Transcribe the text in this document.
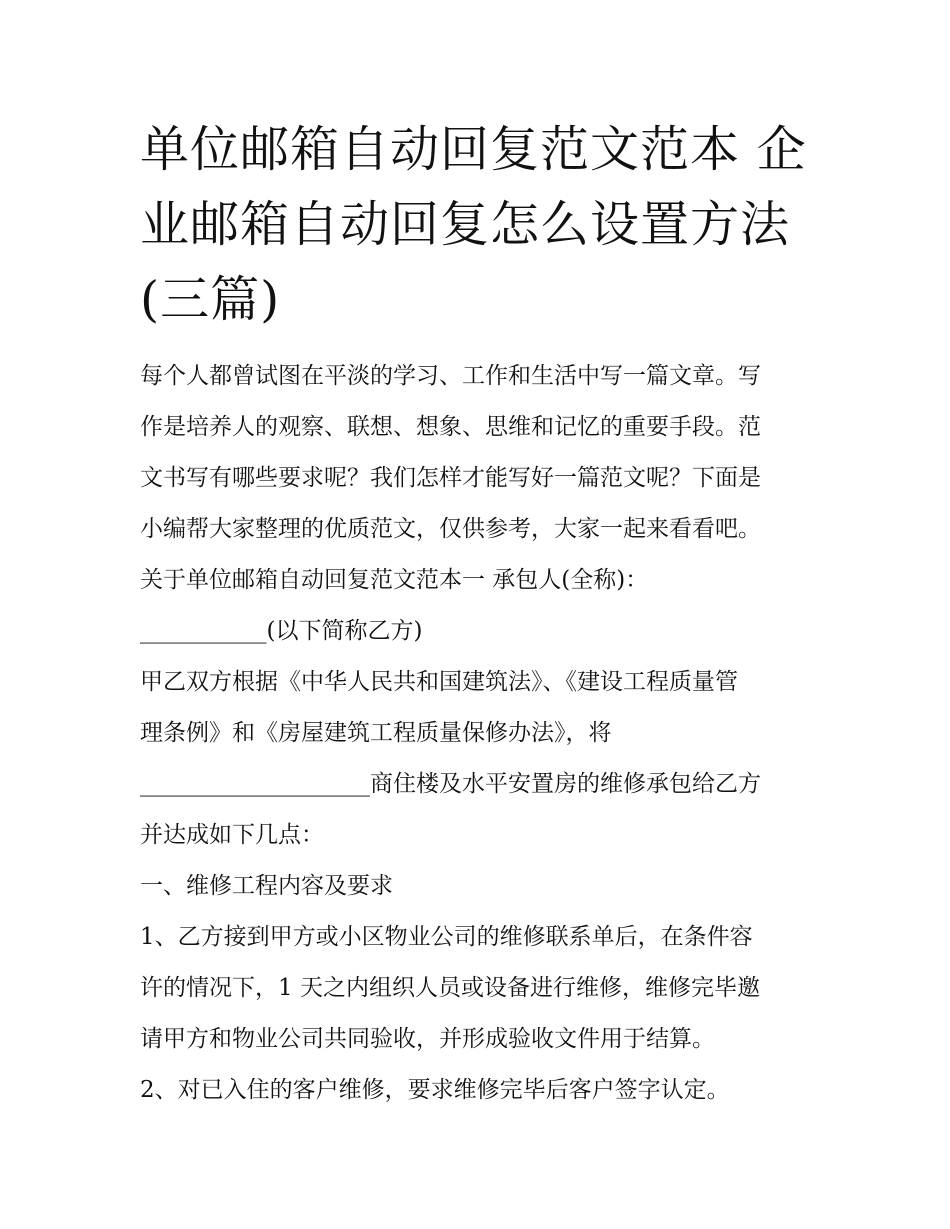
单位邮箱自动回复范文范本 企业邮箱自动回复怎么设置方法(三篇)

每个人都曾试图在平淡的学习、工作和生活中写一篇文章。写

作是培养人的观察、联想、想象、思维和记忆的重要手段。范

文书写有哪些要求呢？我们怎样才能写好一篇范文呢？下面是

小编帮大家整理的优质范文，仅供参考，大家一起来看看吧。

关于单位邮箱自动回复范文范本一 承包人(全称)：

___________(以下简称乙方)

甲乙双方根据《中华人民共和国建筑法》、《建设工程质量管

理条例》和《房屋建筑工程质量保修办法》，将

____________________商住楼及水平安置房的维修承包给乙方

并达成如下几点：

一、维修工程内容及要求

1、乙方接到甲方或小区物业公司的维修联系单后，在条件容

许的情况下，1 天之内组织人员或设备进行维修，维修完毕邀

请甲方和物业公司共同验收，并形成验收文件用于结算。

2、对已入住的客户维修，要求维修完毕后客户签字认定。
